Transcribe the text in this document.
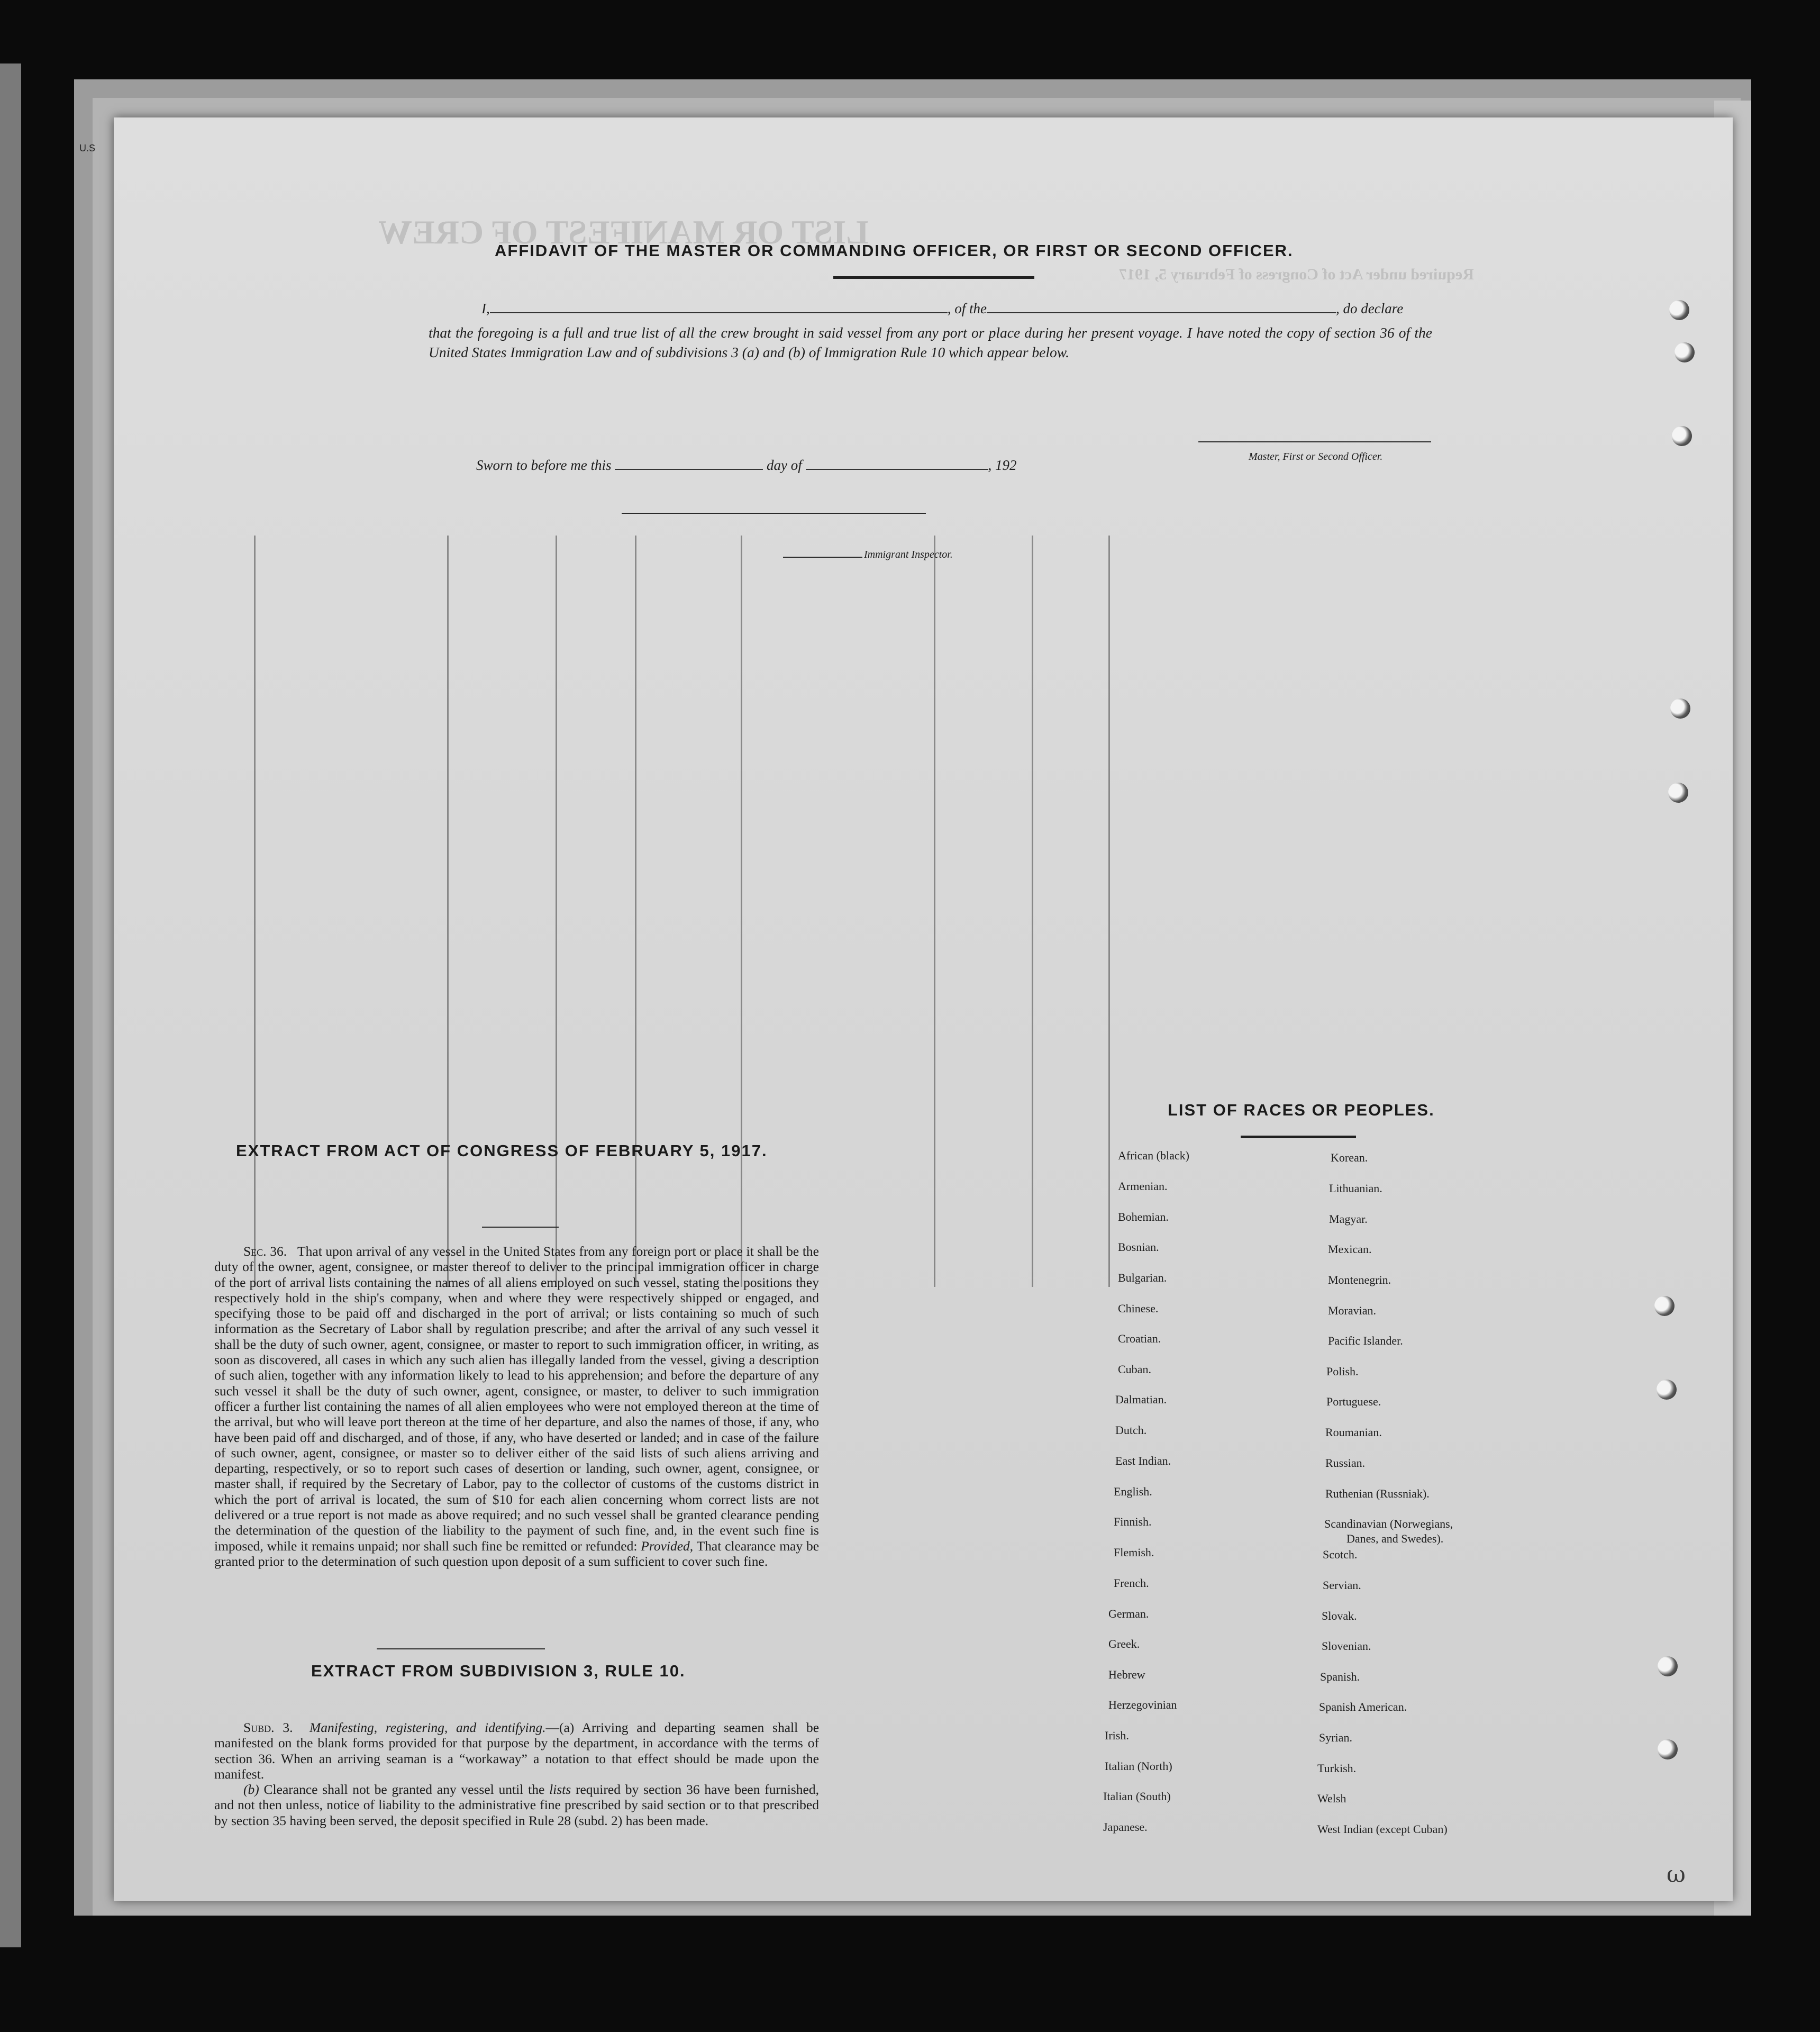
U.S
LIST OR MANIFEST OF CREW
Required under Act of Congress of February 5, 1917
AFFIDAVIT OF THE MASTER OR COMMANDING OFFICER, OR FIRST OR SECOND OFFICER.
I,	, of the	, do declare
that the foregoing is a full and true list of all the crew brought in said vessel from any port or place during her present voyage. I have noted the copy of section 36 of the United States Immigration Law and of subdivisions 3 (a) and (b) of Immigration Rule 10 which appear below.
Master, First or Second Officer.
Sworn to before me this	day of	, 192
Immigrant Inspector.
EXTRACT FROM ACT OF CONGRESS OF FEBRUARY 5, 1917.
Sec. 36. That upon arrival of any vessel in the United States from any foreign port or place it shall be the duty of the owner, agent, consignee, or master thereof to deliver to the principal immigration officer in charge of the port of arrival lists containing the names of all aliens employed on such vessel, stating the positions they respectively hold in the ship's company, when and where they were respectively shipped or engaged, and specifying those to be paid off and discharged in the port of arrival; or lists containing so much of such information as the Secretary of Labor shall by regulation prescribe; and after the arrival of any such vessel it shall be the duty of such owner, agent, consignee, or master to report to such immigration officer, in writing, as soon as discovered, all cases in which any such alien has illegally landed from the vessel, giving a description of such alien, together with any information likely to lead to his apprehension; and before the departure of any such vessel it shall be the duty of such owner, agent, consignee, or master, to deliver to such immigration officer a further list containing the names of all alien employees who were not employed thereon at the time of the arrival, but who will leave port thereon at the time of her departure, and also the names of those, if any, who have been paid off and discharged, and of those, if any, who have deserted or landed; and in case of the failure of such owner, agent, consignee, or master so to deliver either of the said lists of such aliens arriving and departing, respectively, or so to report such cases of desertion or landing, such owner, agent, consignee, or master shall, if required by the Secretary of Labor, pay to the collector of customs of the customs district in which the port of arrival is located, the sum of $10 for each alien concerning whom correct lists are not delivered or a true report is not made as above required; and no such vessel shall be granted clearance pending the determination of the question of the liability to the payment of such fine, and, in the event such fine is imposed, while it remains unpaid; nor shall such fine be remitted or refunded: Provided, That clearance may be granted prior to the determination of such question upon deposit of a sum sufficient to cover such fine.
EXTRACT FROM SUBDIVISION 3, RULE 10.
Subd. 3. Manifesting, registering, and identifying.—(a) Arriving and departing seamen shall be manifested on the blank forms provided for that purpose by the department, in accordance with the terms of section 36. When an arriving seaman is a “workaway” a notation to that effect should be made upon the manifest.
(b) Clearance shall not be granted any vessel until the lists required by section 36 have been furnished, and not then unless, notice of liability to the administrative fine prescribed by said section or to that prescribed by section 35 having been served, the deposit specified in Rule 28 (subd. 2) has been made.
LIST OF RACES OR PEOPLES.
African (black)
Armenian.
Bohemian.
Bosnian.
Bulgarian.
Chinese.
Croatian.
Cuban.
Dalmatian.
Dutch.
East Indian.
English.
Finnish.
Flemish.
French.
German.
Greek.
Hebrew
Herzegovinian
Irish.
Italian (North)
Italian (South)
Japanese.
Korean.
Lithuanian.
Magyar.
Mexican.
Montenegrin.
Moravian.
Pacific Islander.
Polish.
Portuguese.
Roumanian.
Russian.
Ruthenian (Russniak).
Scandinavian (Norwegians,
Danes, and Swedes).
Scotch.
Servian.
Slovak.
Slovenian.
Spanish.
Spanish American.
Syrian.
Turkish.
Welsh
West Indian (except Cuban)
ω
